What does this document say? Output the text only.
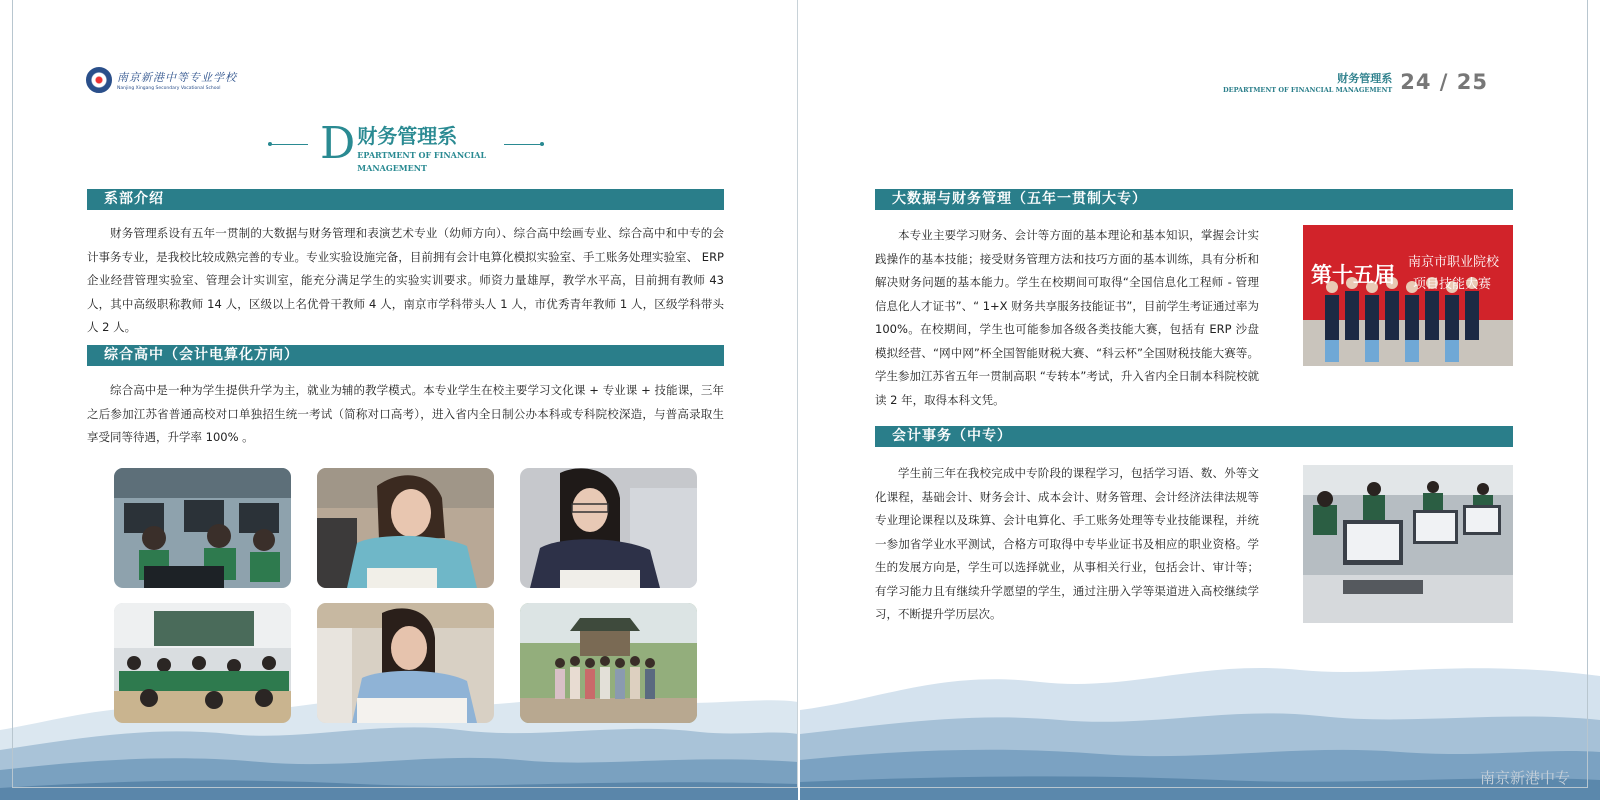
南京新港中等专业学校
Nanjing Xingang Secondary Vocational School
D 财务管理系
EPARTMENT OF FINANCIAL
MANAGEMENT
系部介绍
财务管理系设有五年一贯制的大数据与财务管理和表演艺术专业（幼师方向）、综合高中绘画专业、综合高中和中专的会计事务专业，是我校比较成熟完善的专业。专业实验设施完备，目前拥有会计电算化模拟实验室、手工账务处理实验室、 ERP 企业经营管理实验室、管理会计实训室，能充分满足学生的实验实训要求。师资力量雄厚，教学水平高，目前拥有教师 43 人，其中高级职称教师 14 人，区级以上名优骨干教师 4 人，南京市学科带头人 1 人，市优秀青年教师 1 人，区级学科带头人 2 人。
综合高中（会计电算化方向）
综合高中是一种为学生提供升学为主，就业为辅的教学模式。本专业学生在校主要学习文化课 + 专业课 + 技能课，三年之后参加江苏省普通高校对口单独招生统一考试（简称对口高考），进入省内全日制公办本科或专科院校深造，与普高录取生享受同等待遇，升学率 100% 。
财务管理系
DEPARTMENT OF FINANCIAL MANAGEMENT 24 / 25
大数据与财务管理（五年一贯制大专）
本专业主要学习财务、会计等方面的基本理论和基本知识，掌握会计实践操作的基本技能；接受财务管理方法和技巧方面的基本训练，具有分析和解决财务问题的基本能力。学生在校期间可取得“全国信息化工程师 - 管理信息化人才证书”、“ 1+X 财务共享服务技能证书”，目前学生考证通过率为 100%。在校期间，学生也可能参加各级各类技能大赛，包括有 ERP 沙盘模拟经营、“网中网”杯全国智能财税大赛、“科云杯”全国财税技能大赛等。学生参加江苏省五年一贯制高职 “专转本”考试，升入省内全日制本科院校就读 2 年，取得本科文凭。
第十五届
南京市职业院校
项目技能大赛
会计事务（中专）
学生前三年在我校完成中专阶段的课程学习，包括学习语、数、外等文化课程，基础会计、财务会计、成本会计、财务管理、会计经济法律法规等专业理论课程以及珠算、会计电算化、手工账务处理等专业技能课程，并统一参加省学业水平测试，合格方可取得中专毕业证书及相应的职业资格。学生的发展方向是，学生可以选择就业，从事相关行业，包括会计、审计等；有学习能力且有继续升学愿望的学生，通过注册入学等渠道进入高校继续学习，不断提升学历层次。
南京新港中专
